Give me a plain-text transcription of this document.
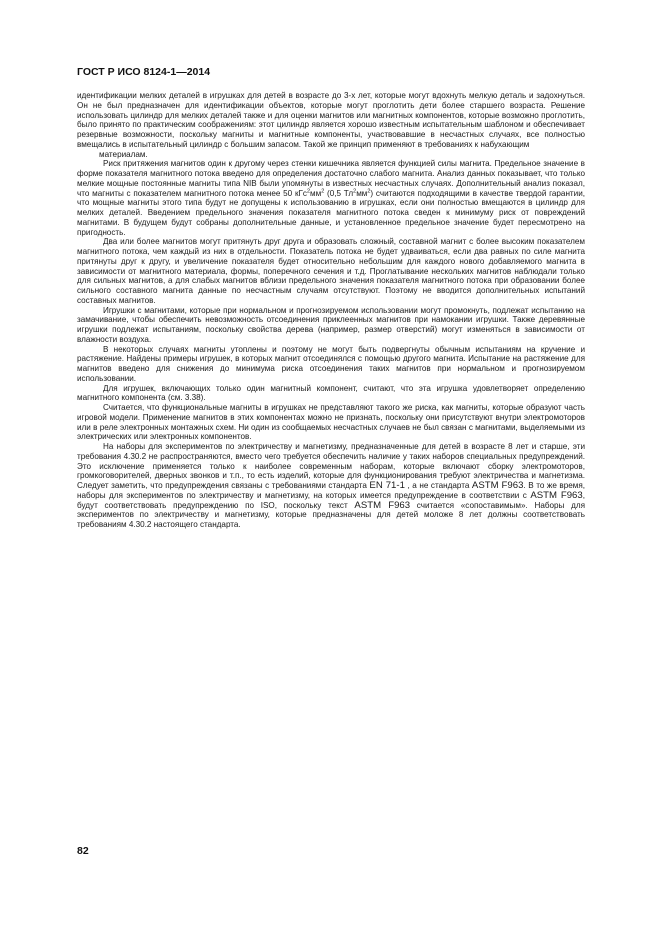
ГОСТ Р ИСО 8124-1—2014

идентификации мелких деталей в игрушках для детей в возрасте до 3-х лет, которые могут вдохнуть мелкую деталь и задохнуться. Он не был предназначен для идентификации объектов, которые могут проглотить дети более старшего возраста. Решение использовать цилиндр для мелких деталей также и для оценки магнитов или магнитных компонентов, которые возможно проглотить, было принято по практическим соображениям: этот цилиндр является хорошо известным испытательным шаблоном и обеспечивает резервные возможности, поскольку магниты и магнитные компоненты, участвовавшие в несчастных случаях, все полностью вмещались в испытательный цилиндр с большим запасом. Такой же принцип применяют в требованиях к набухающим

материалам.

Риск притяжения магнитов один к другому через стенки кишечника является функцией силы магнита. Предельное значение в форме показателя магнитного потока введено для определения достаточно слабого магнита. Анализ данных показывает, что только мелкие мощные постоянные магниты типа NIB были упомянуты в известных несчастных случаях. Дополнительный анализ показал, что магниты с показателем магнитного потока менее 50 $кГс^2мм^2$ (0,5 $Тл^2мм^2$) считаются подходящими в качестве твердой гарантии, что мощные магниты этого типа будут не допущены к использованию в игрушках, если они полностью вмещаются в цилиндр для мелких деталей. Введением предельного значения показателя магнитного потока сведен к минимуму риск от повреждений магнитами. В будущем будут собраны дополнительные данные, и установленное предельное значение будет пересмотрено на пригодность.

Два или более магнитов могут притянуть друг друга и образовать сложный, составной магнит с более высоким показателем магнитного потока, чем каждый из них в отдельности. Показатель потока не будет удваиваться, если два равных по силе магнита притянуты друг к другу, и увеличение показателя будет относительно небольшим для каждого нового добавляемого магнита в зависимости от магнитного материала, формы, поперечного сечения и т.д. Проглатывание нескольких магнитов наблюдали только для сильных магнитов, а для слабых магнитов вблизи предельного значения показателя магнитного потока при образовании более сильного составного магнита данные по несчастным случаям отсутствуют. Поэтому не вводится дополнительных испытаний составных магнитов.

Игрушки с магнитами, которые при нормальном и прогнозируемом использовании могут промокнуть, подлежат испытанию на замачивание, чтобы обеспечить невозможность отсоединения приклеенных магнитов при намокании игрушки. Также деревянные игрушки подлежат испытаниям, поскольку свойства дерева (например, размер отверстий) могут изменяться в зависимости от влажности воздуха.

В некоторых случаях магниты утоплены и поэтому не могут быть подвергнуты обычным испытаниям на кручение и растяжение. Найдены примеры игрушек, в которых магнит отсоединялся с помощью другого магнита. Испытание на растяжение для магнитов введено для снижения до минимума риска отсоединения таких магнитов при нормальном и прогнозируемом использовании.

Для игрушек, включающих только один магнитный компонент, считают, что эта игрушка удовлетворяет определению магнитного компонента (см. 3.38).

Считается, что функциональные магниты в игрушках не представляют такого же риска, как магниты, которые образуют часть игровой модели. Применение магнитов в этих компонентах можно не признать, поскольку они присутствуют внутри электромоторов или в реле электронных монтажных схем. Ни один из сообщаемых несчастных случаев не был связан с магнитами, выделяемыми из электрических или электронных компонентов.

На наборы для экспериментов по электричеству и магнетизму, предназначенные для детей в возрасте 8 лет и старше, эти требования 4.30.2 не распространяются, вместо чего требуется обеспечить наличие у таких наборов специальных предупреждений. Это исключение применяется только к наиболее современным наборам, которые включают сборку электромоторов, громкоговорителей, дверных звонков и т.п., то есть изделий, которые для функционирования требуют электричества и магнетизма. Следует заметить, что предупреждения связаны с требованиями стандарта EN 71-1 , а не стандарта ASTM F963. В то же время, наборы для экспериментов по электричеству и магнетизму, на которых имеется предупреждение в соответствии с ASTM F963, будут соответствовать предупреждению по ISO, поскольку текст ASTM F963 считается «сопоставимым». Наборы для экспериментов по электричеству и магнетизму, которые предназначены для детей моложе 8 лет должны соответствовать требованиям 4.30.2 настоящего стандарта.

82
